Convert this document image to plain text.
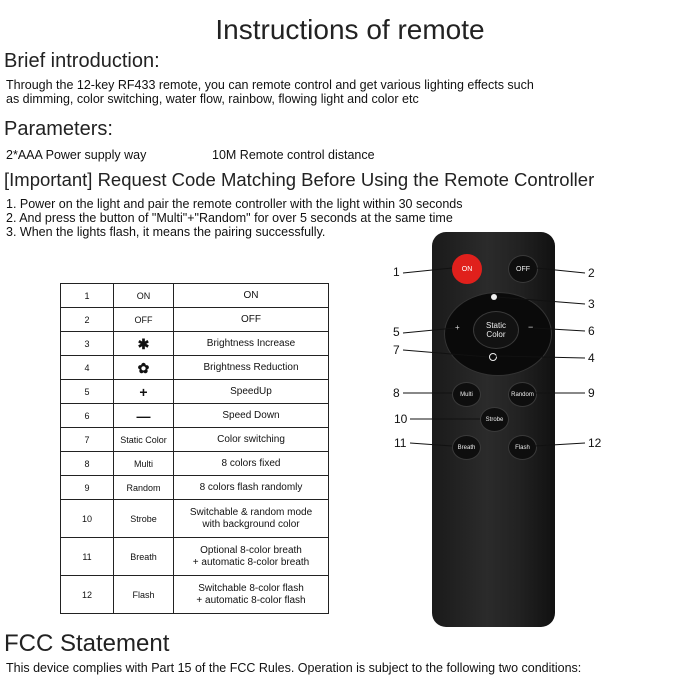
Instructions of remote
Brief introduction:
Through the 12-key RF433 remote, you can remote control and get various lighting effects such
as dimming, color switching, water flow, rainbow, flowing light and color etc
Parameters:
2*AAA Power supply way	10M Remote control distance
[Important] Request Code Matching Before Using the Remote Controller
1. Power on the light and pair the remote controller with the light within 30 seconds
2. And press the button of "Multi"+"Random" for over 5 seconds at the same time
3. When the lights flash, it means the pairing successfully.
1	ON	ON
2	OFF	OFF
3	✱	Brightness Increase
4	✿	Brightness Reduction
5	+	SpeedUp
6	—	Speed Down
7	Static Color	Color switching
8	Multi	8 colors fixed
9	Random	8 colors flash randomly
10	Strobe	Switchable & random mode
with background color

11	Breath	Optional 8-color breath
+ automatic 8-color breath

12	Flash	Switchable 8-color flash
+ automatic 8-color flash
ON	OFF
+	−
Static
Color
Multi	Random
Strobe
Breath	Flash
1	2
3
4
5	6
7
8	9
10
11	12
FCC Statement
This device complies with Part 15 of the FCC Rules. Operation is subject to the following two conditions:
